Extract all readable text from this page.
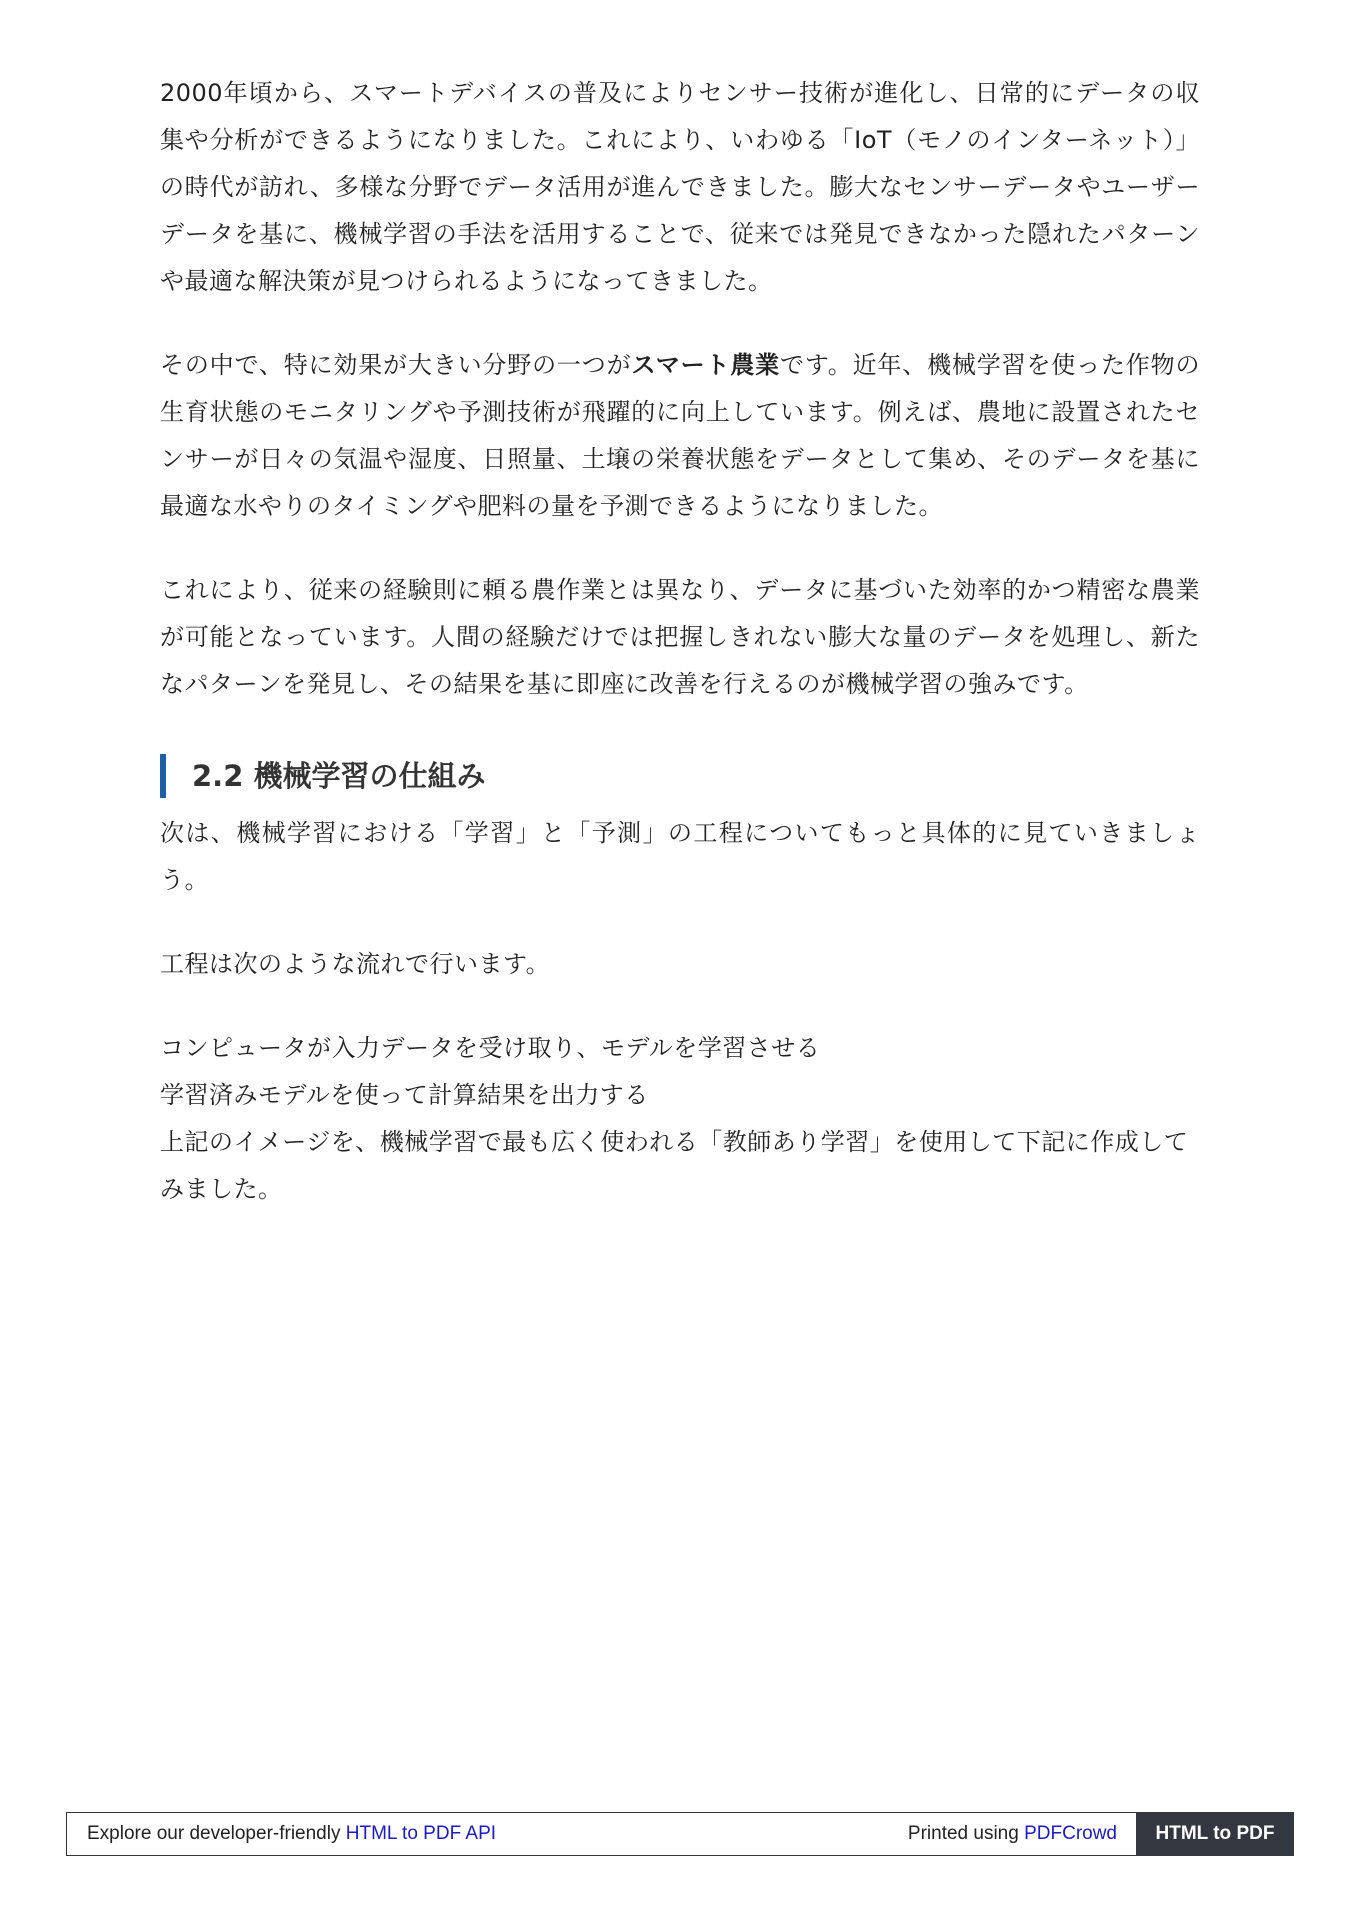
2000年頃から、スマートデバイスの普及によりセンサー技術が進化し、日常的にデータの収集や分析ができるようになりました。これにより、いわゆる「IoT（モノのインターネット）」の時代が訪れ、多様な分野でデータ活用が進んできました。膨大なセンサーデータやユーザーデータを基に、機械学習の手法を活用することで、従来では発見できなかった隠れたパターンや最適な解決策が見つけられるようになってきました。

その中で、特に効果が大きい分野の一つがスマート農業です。近年、機械学習を使った作物の生育状態のモニタリングや予測技術が飛躍的に向上しています。例えば、農地に設置されたセンサーが日々の気温や湿度、日照量、土壌の栄養状態をデータとして集め、そのデータを基に最適な水やりのタイミングや肥料の量を予測できるようになりました。

これにより、従来の経験則に頼る農作業とは異なり、データに基づいた効率的かつ精密な農業が可能となっています。人間の経験だけでは把握しきれない膨大な量のデータを処理し、新たなパターンを発見し、その結果を基に即座に改善を行えるのが機械学習の強みです。

2.2 機械学習の仕組み

次は、機械学習における「学習」と「予測」の工程についてもっと具体的に見ていきましょう。

工程は次のような流れで行います。

コンピュータが入力データを受け取り、モデルを学習させる
学習済みモデルを使って計算結果を出力する
上記のイメージを、機械学習で最も広く使われる「教師あり学習」を使用して下記に作成してみました。
Explore our developer-friendly HTML to PDF API	Printed using PDFCrowd	HTML to PDF
